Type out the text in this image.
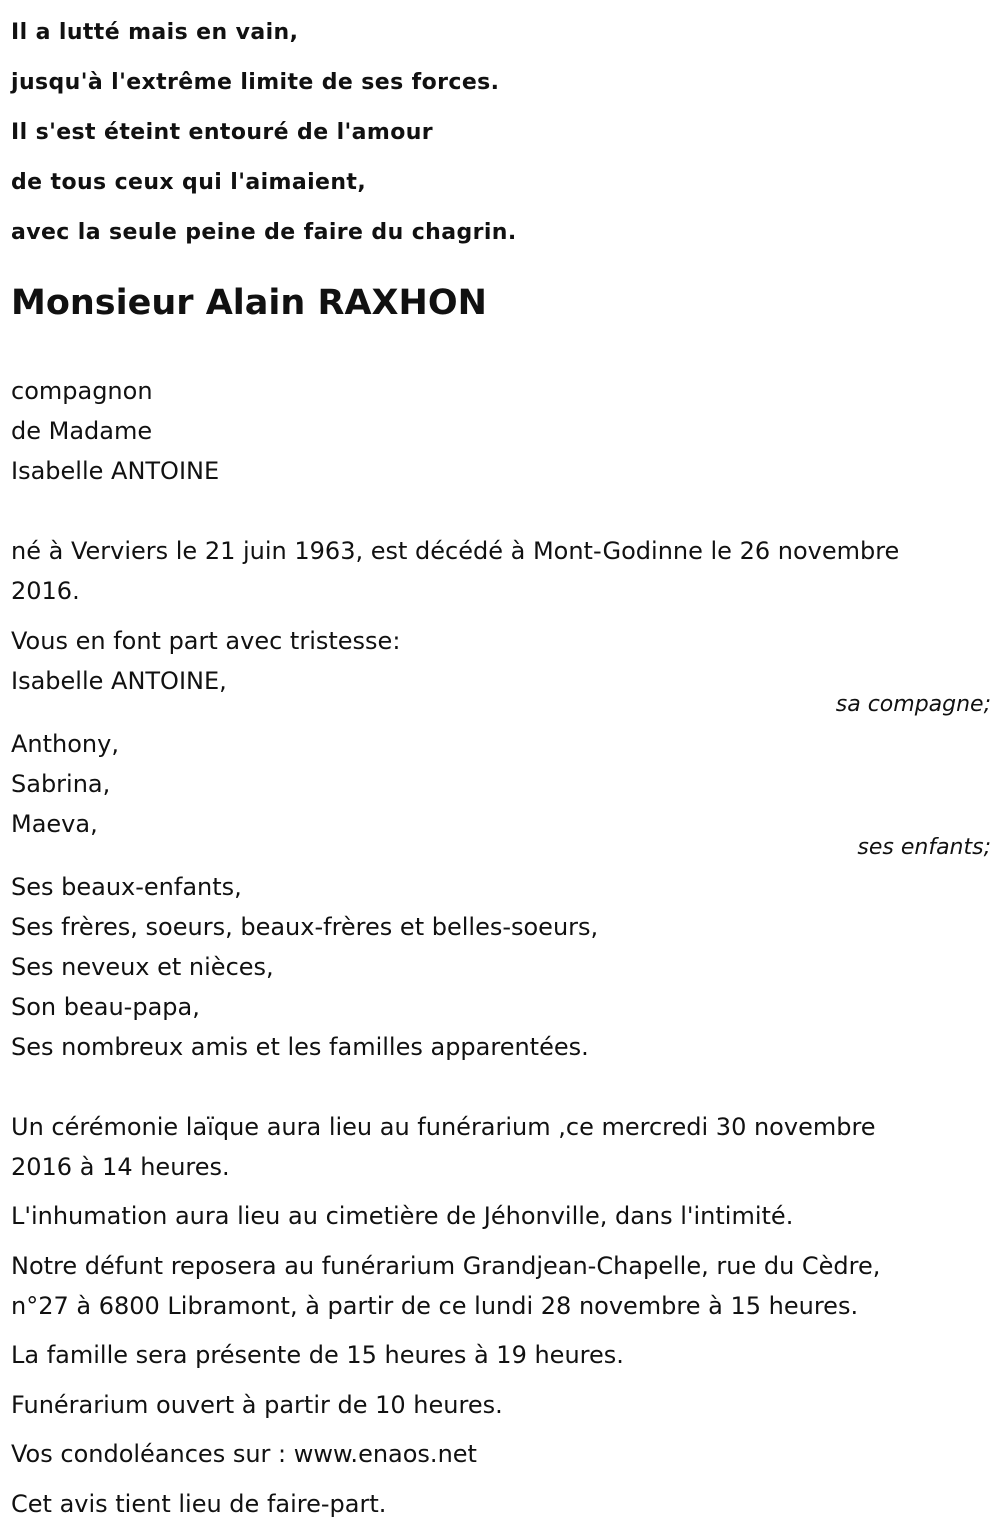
Il a lutté mais en vain,
jusqu'à l'extrême limite de ses forces.
Il s'est éteint entouré de l'amour
de tous ceux qui l'aimaient,
avec la seule peine de faire du chagrin.
Monsieur Alain RAXHON
compagnon
de Madame
Isabelle ANTOINE
né à Verviers le 21 juin 1963, est décédé à Mont-Godinne le 26 novembre
2016.
Vous en font part avec tristesse:
Isabelle ANTOINE,
sa compagne;
Anthony,
Sabrina,
Maeva,
ses enfants;
Ses beaux-enfants,
Ses frères, soeurs, beaux-frères et belles-soeurs,
Ses neveux et nièces,
Son beau-papa,
Ses nombreux amis et les familles apparentées.
Un cérémonie laïque aura lieu au funérarium ,ce mercredi 30 novembre
2016 à 14 heures.
L'inhumation aura lieu au cimetière de Jéhonville, dans l'intimité.
Notre défunt reposera au funérarium Grandjean-Chapelle, rue du Cèdre,
n°27 à 6800 Libramont, à partir de ce lundi 28 novembre à 15 heures.
La famille sera présente de 15 heures à 19 heures.
Funérarium ouvert à partir de 10 heures.
Vos condoléances sur : www.enaos.net
Cet avis tient lieu de faire-part.
